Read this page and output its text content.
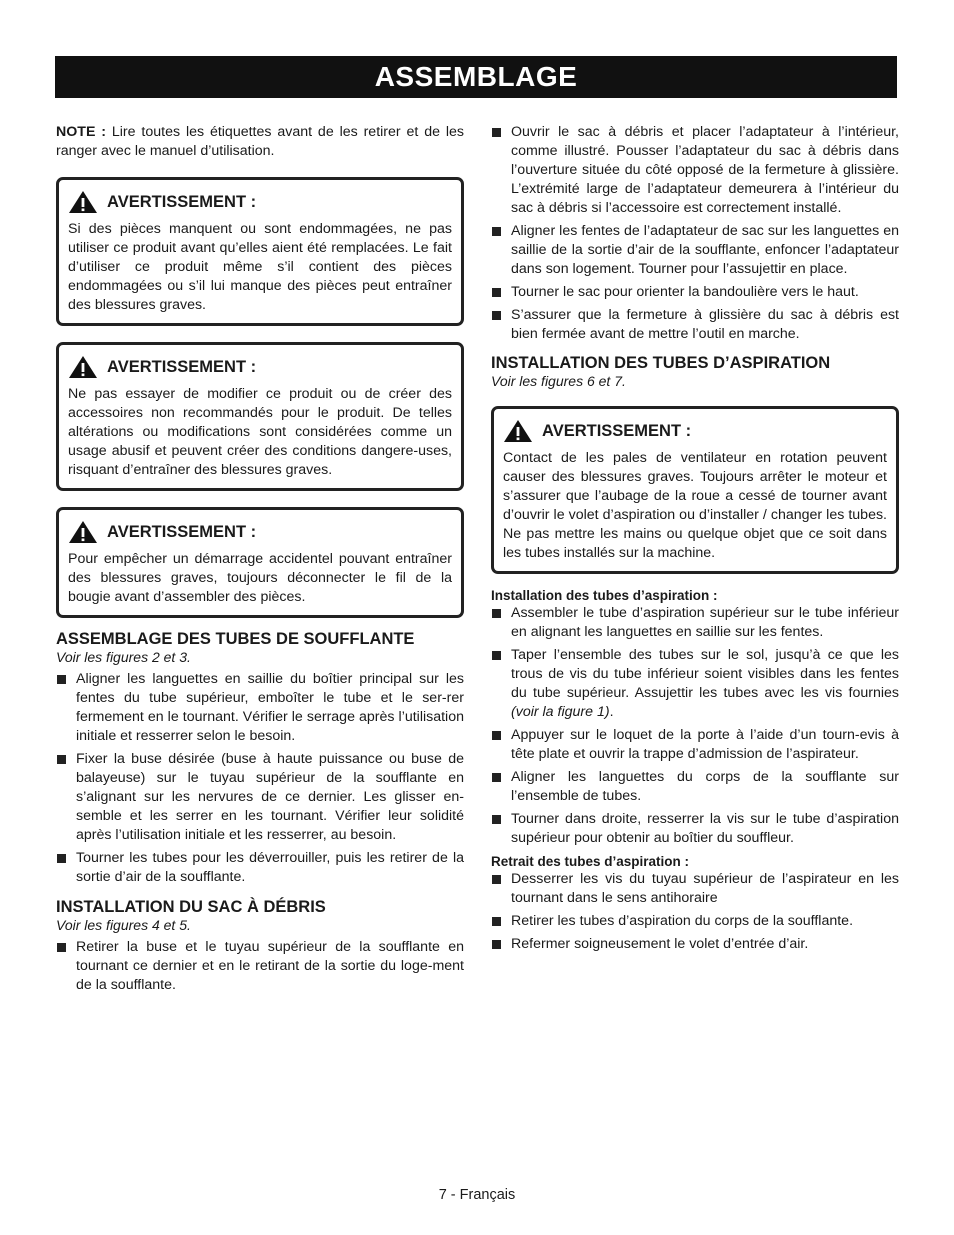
ASSEMBLAGE

NOTE : Lire toutes les étiquettes avant de les retirer et de les ranger avec le manuel d’utilisation.

AVERTISSEMENT :

Si des pièces manquent ou sont endommagées, ne pas utiliser ce produit avant qu’elles aient été remplacées. Le fait d’utiliser ce produit même s’il contient des pièces endommagées ou s’il lui manque des pièces peut entraîner des blessures graves.

AVERTISSEMENT :

Ne pas essayer de modifier ce produit ou de créer des accessoires non recommandés pour le produit. De telles altérations ou modifications sont considérées comme un usage abusif et peuvent créer des conditions dangere-uses, risquant d’entraîner des blessures graves.

AVERTISSEMENT :

Pour empêcher un démarrage accidentel pouvant entraîner des blessures graves, toujours déconnecter le fil de la bougie avant d’assembler des pièces.

ASSEMBLAGE DES TUBES DE SOUFFLANTE
Voir les figures 2 et 3.
Aligner les languettes en saillie du boîtier principal sur les fentes du tube supérieur, emboîter le tube et le ser-rer fermement en le tournant. Vérifier le serrage après l’utilisation initiale et resserrer selon le besoin.
Fixer la buse désirée (buse à haute puissance ou buse de balayeuse) sur le tuyau supérieur de la soufflante en s’alignant sur les nervures de ce dernier. Les glisser en-semble et les serrer en les tournant. Vérifier leur solidité après l’utilisation initiale et les resserrer, au besoin.
Tourner les tubes pour les déverrouiller, puis les retirer de la sortie d’air de la soufflante.
INSTALLATION DU SAC À DÉBRIS
Voir les figures 4 et 5.
Retirer la buse et le tuyau supérieur de la soufflante en tournant ce dernier et en le retirant de la sortie du loge-ment de la soufflante.
Ouvrir le sac à débris et placer l’adaptateur à l’intérieur, comme illustré. Pousser l’adaptateur du sac à débris dans l’ouverture située du côté opposé de la fermeture à glissière. L’extrémité large de l’adaptateur demeurera à l’intérieur du sac à débris si l’accessoire est correctement installé.
Aligner les fentes de l’adaptateur de sac sur les languettes en saillie de la sortie d’air de la soufflante, enfoncer l’adaptateur dans son logement. Tourner pour l’assujettir en place.
Tourner le sac pour orienter la bandoulière vers le haut.
S’assurer que la fermeture à glissière du sac à débris est bien fermée avant de mettre l’outil en marche.
INSTALLATION DES TUBES D’ASPIRATION
Voir les figures 6 et 7.
AVERTISSEMENT :

Contact de les pales de ventilateur en rotation peuvent causer des blessures graves. Toujours arrêter le moteur et s’assurer que l’aubage de la roue a cessé de tourner avant d’ouvrir le volet d’aspiration ou d’installer / changer les tubes. Ne pas mettre les mains ou quelque objet que ce soit dans les tubes installés sur la machine.

Installation des tubes d’aspiration :
Assembler le tube d’aspiration supérieur sur le tube inférieur en alignant les languettes en saillie sur les fentes.
Taper l’ensemble des tubes sur le sol, jusqu’à ce que les trous de vis du tube inférieur soient visibles dans les fentes du tube supérieur. Assujettir les tubes avec les vis fournies (voir la figure 1).
Appuyer sur le loquet de la porte à l’aide d’un tourn-evis à tête plate et ouvrir la trappe d’admission de l’aspirateur.
Aligner les languettes du corps de la soufflante sur l’ensemble de tubes.
Tourner dans droite, resserrer la vis sur le tube d’aspiration supérieur pour obtenir au boîtier du souffleur.
Retrait des tubes d’aspiration :
Desserrer les vis du tuyau supérieur de l’aspirateur en les tournant dans le sens antihoraire
Retirer les tubes d’aspiration du corps de la soufflante.
Refermer soigneusement le volet d’entrée d’air.
7 - Français
